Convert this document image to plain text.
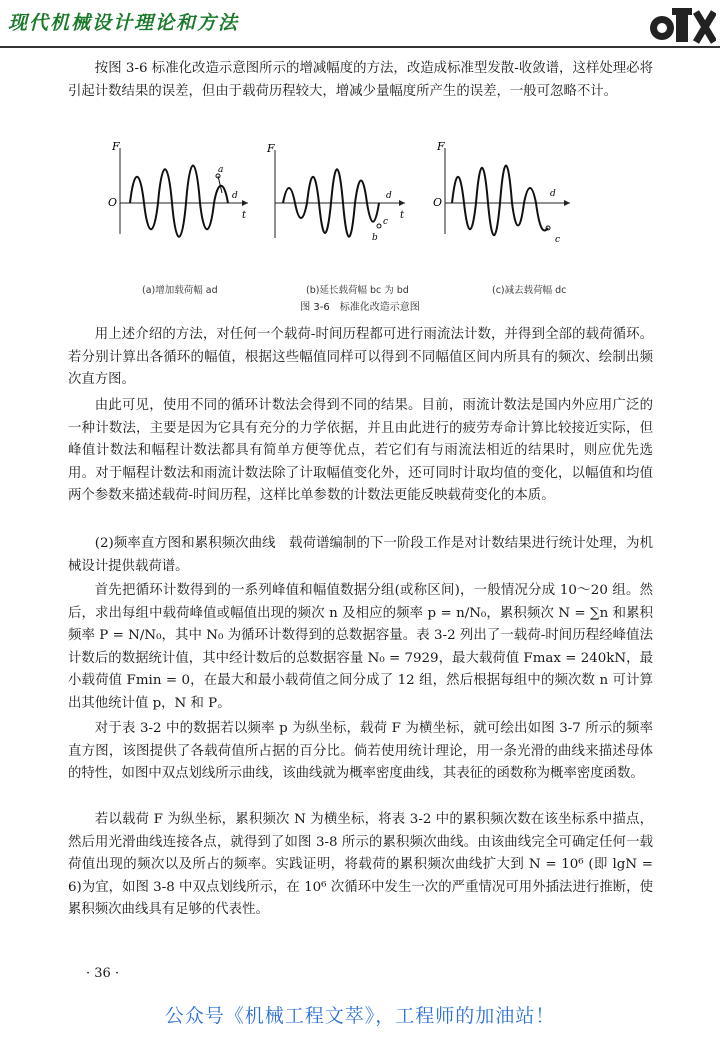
现代机械设计理论和方法

按图 3-6 标准化改造示意图所示的增减幅度的方法，改造成标准型发散-收敛谱，这样处理必将引起计数结果的误差，但由于载荷历程较大，增减少量幅度所产生的误差，一般可忽略不计。

F
O
t
a
d
F
t
d
c
b
F
O
d
c
(a)增加载荷幅 ad	(b)延长载荷幅 bc 为 bd	(c)减去载荷幅 dc
图 3-6　标准化改造示意图

用上述介绍的方法，对任何一个载荷-时间历程都可进行雨流法计数，并得到全部的载荷循环。若分别计算出各循环的幅值，根据这些幅值同样可以得到不同幅值区间内所具有的频次、绘制出频次直方图。

由此可见，使用不同的循环计数法会得到不同的结果。目前，雨流计数法是国内外应用广泛的一种计数法，主要是因为它具有充分的力学依据，并且由此进行的疲劳寿命计算比较接近实际，但峰值计数法和幅程计数法都具有简单方便等优点，若它们有与雨流法相近的结果时，则应优先选用。对于幅程计数法和雨流计数法除了计取幅值变化外，还可同时计取均值的变化，以幅值和均值两个参数来描述载荷-时间历程，这样比单参数的计数法更能反映载荷变化的本质。

(2)频率直方图和累积频次曲线　载荷谱编制的下一阶段工作是对计数结果进行统计处理，为机械设计提供载荷谱。

首先把循环计数得到的一系列峰值和幅值数据分组(或称区间)，一般情况分成 10～20 组。然后，求出每组中载荷峰值或幅值出现的频次 n 及相应的频率 p = n/N₀，累积频次 N = ∑n 和累积频率 P = N/N₀，其中 N₀ 为循环计数得到的总数据容量。表 3-2 列出了一载荷-时间历程经峰值法计数后的数据统计值，其中经计数后的总数据容量 N₀ = 7929，最大载荷值 Fmax = 240kN，最小载荷值 Fmin = 0，在最大和最小载荷值之间分成了 12 组，然后根据每组中的频次数 n 可计算出其他统计值 p，N 和 P。

对于表 3-2 中的数据若以频率 p 为纵坐标，载荷 F 为横坐标，就可绘出如图 3-7 所示的频率直方图，该图提供了各载荷值所占据的百分比。倘若使用统计理论，用一条光滑的曲线来描述母体的特性，如图中双点划线所示曲线，该曲线就为概率密度曲线，其表征的函数称为概率密度函数。

若以载荷 F 为纵坐标，累积频次 N 为横坐标，将表 3-2 中的累积频次数在该坐标系中描点，然后用光滑曲线连接各点，就得到了如图 3-8 所示的累积频次曲线。由该曲线完全可确定任何一载荷值出现的频次以及所占的频率。实践证明，将载荷的累积频次曲线扩大到 N = 10⁶ (即 lgN = 6)为宜，如图 3-8 中双点划线所示，在 10⁶ 次循环中发生一次的严重情况可用外插法进行推断，使累积频次曲线具有足够的代表性。

· 36 ·
公众号《机械工程文萃》，工程师的加油站！
